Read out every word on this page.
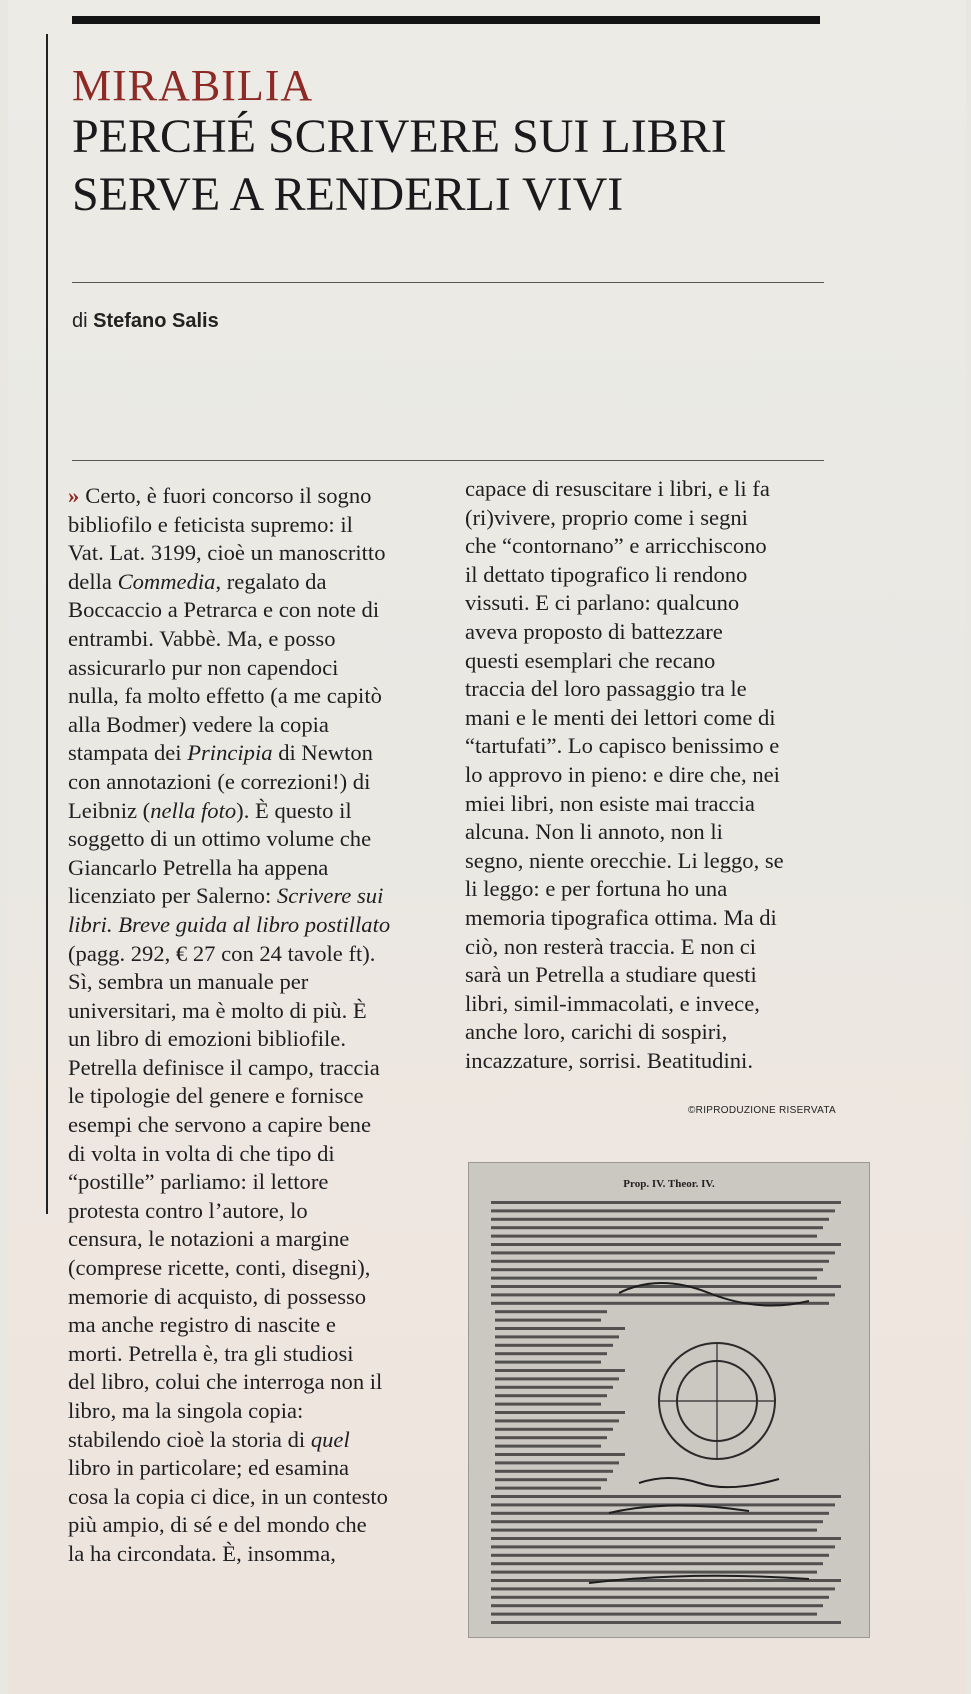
MIRABILIA
PERCHÉ SCRIVERE SUI LIBRI
SERVE A RENDERLI VIVI
di Stefano Salis
» Certo, è fuori concorso il sogno
bibliofilo e feticista supremo: il
Vat. Lat. 3199, cioè un manoscritto
della Commedia, regalato da
Boccaccio a Petrarca e con note di
entrambi. Vabbè. Ma, e posso
assicurarlo pur non capendoci
nulla, fa molto effetto (a me capitò
alla Bodmer) vedere la copia
stampata dei Principia di Newton
con annotazioni (e correzioni!) di
Leibniz (nella foto). È questo il
soggetto di un ottimo volume che
Giancarlo Petrella ha appena
licenziato per Salerno: Scrivere sui
libri. Breve guida al libro postillato
(pagg. 292, € 27 con 24 tavole ft).
Sì, sembra un manuale per
universitari, ma è molto di più. È
un libro di emozioni bibliofile.
Petrella definisce il campo, traccia
le tipologie del genere e fornisce
esempi che servono a capire bene
di volta in volta di che tipo di
“postille” parliamo: il lettore
protesta contro l’autore, lo
censura, le notazioni a margine
(comprese ricette, conti, disegni),
memorie di acquisto, di possesso
ma anche registro di nascite e
morti. Petrella è, tra gli studiosi
del libro, colui che interroga non il
libro, ma la singola copia:
stabilendo cioè la storia di quel
libro in particolare; ed esamina
cosa la copia ci dice, in un contesto
più ampio, di sé e del mondo che
la ha circondata. È, insomma,
capace di resuscitare i libri, e li fa
(ri)vivere, proprio come i segni
che “contornano” e arricchiscono
il dettato tipografico li rendono
vissuti. E ci parlano: qualcuno
aveva proposto di battezzare
questi esemplari che recano
traccia del loro passaggio tra le
mani e le menti dei lettori come di
“tartufati”. Lo capisco benissimo e
lo approvo in pieno: e dire che, nei
miei libri, non esiste mai traccia
alcuna. Non li annoto, non li
segno, niente orecchie. Li leggo, se
li leggo: e per fortuna ho una
memoria tipografica ottima. Ma di
ciò, non resterà traccia. E non ci
sarà un Petrella a studiare questi
libri, simil-immacolati, e invece,
anche loro, carichi di sospiri,
incazzature, sorrisi. Beatitudini.
©RIPRODUZIONE RISERVATA
Prop. IV. Theor. IV.
